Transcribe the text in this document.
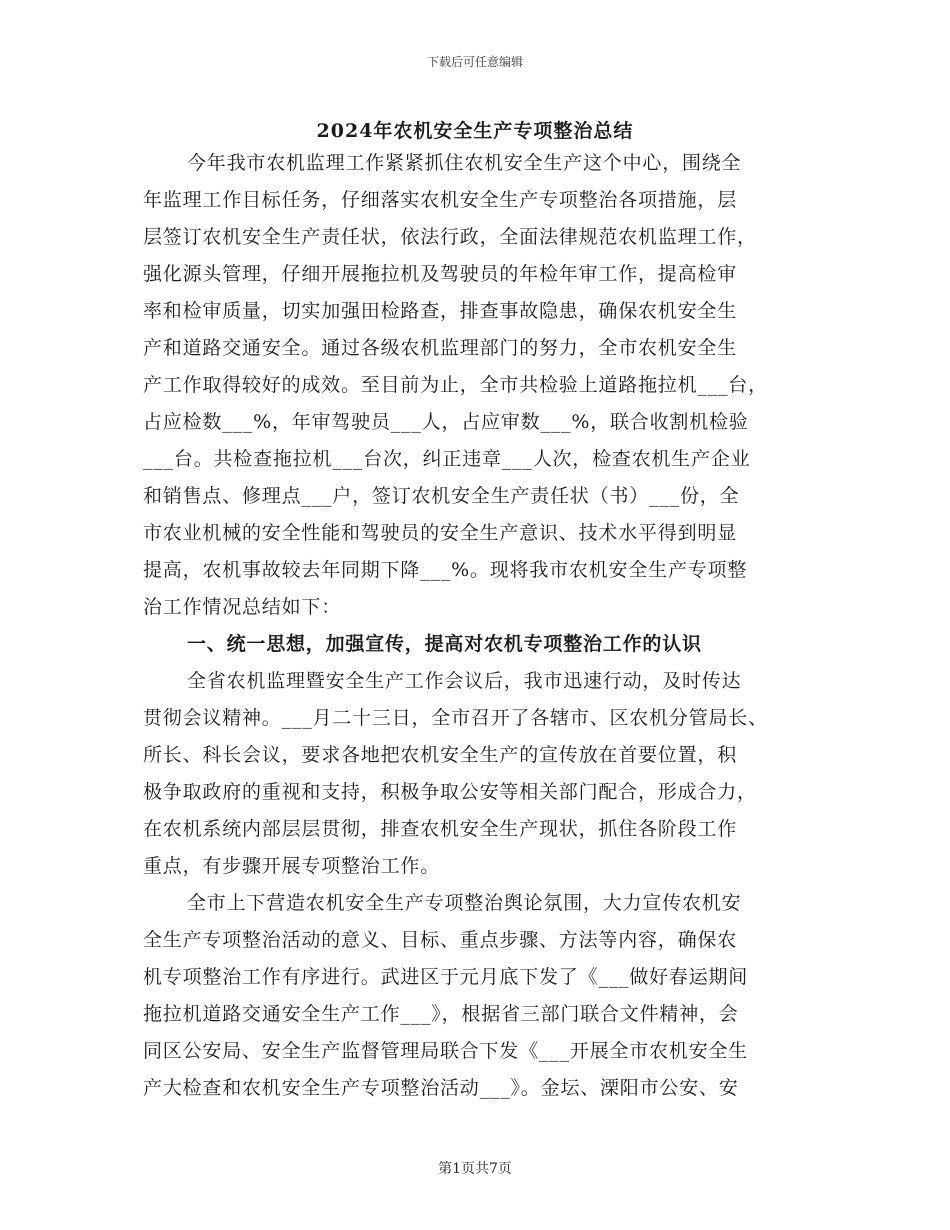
下载后可任意编辑
2024年农机安全生产专项整治总结
今年我市农机监理工作紧紧抓住农机安全生产这个中心，围绕全
年监理工作目标任务，仔细落实农机安全生产专项整治各项措施，层
层签订农机安全生产责任状，依法行政，全面法律规范农机监理工作，
强化源头管理，仔细开展拖拉机及驾驶员的年检年审工作，提高检审
率和检审质量，切实加强田检路查，排查事故隐患，确保农机安全生
产和道路交通安全。通过各级农机监理部门的努力，全市农机安全生
产工作取得较好的成效。至目前为止，全市共检验上道路拖拉机___台，
占应检数___%，年审驾驶员___人，占应审数___%，联合收割机检验
___台。共检查拖拉机___台次，纠正违章___人次，检查农机生产企业
和销售点、修理点___户，签订农机安全生产责任状（书）___份，全
市农业机械的安全性能和驾驶员的安全生产意识、技术水平得到明显
提高，农机事故较去年同期下降___%。现将我市农机安全生产专项整
治工作情况总结如下：
一、统一思想，加强宣传，提高对农机专项整治工作的认识
全省农机监理暨安全生产工作会议后，我市迅速行动，及时传达
贯彻会议精神。___月二十三日，全市召开了各辖市、区农机分管局长、
所长、科长会议，要求各地把农机安全生产的宣传放在首要位置，积
极争取政府的重视和支持，积极争取公安等相关部门配合，形成合力，
在农机系统内部层层贯彻，排查农机安全生产现状，抓住各阶段工作
重点，有步骤开展专项整治工作。
全市上下营造农机安全生产专项整治舆论氛围，大力宣传农机安
全生产专项整治活动的意义、目标、重点步骤、方法等内容，确保农
机专项整治工作有序进行。武进区于元月底下发了《___做好春运期间
拖拉机道路交通安全生产工作___》，根据省三部门联合文件精神，会
同区公安局、安全生产监督管理局联合下发《___开展全市农机安全生
产大检查和农机安全生产专项整治活动___》。金坛、溧阳市公安、安
第1页共7页
